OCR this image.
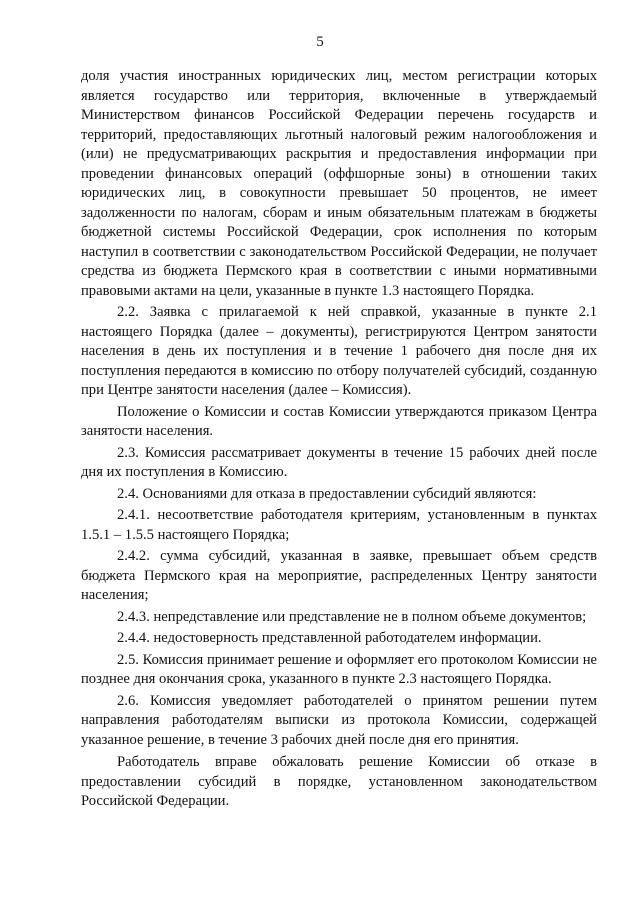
5

доля участия иностранных юридических лиц, местом регистрации которых является государство или территория, включенные в утверждаемый Министерством финансов Российской Федерации перечень государств и территорий, предоставляющих льготный налоговый режим налогообложения и (или) не предусматривающих раскрытия и предоставления информации при проведении финансовых операций (оффшорные зоны) в отношении таких юридических лиц, в совокупности превышает 50 процентов, не имеет задолженности по налогам, сборам и иным обязательным платежам в бюджеты бюджетной системы Российской Федерации, срок исполнения по которым наступил в соответствии с законодательством Российской Федерации, не получает средства из бюджета Пермского края в соответствии с иными нормативными правовыми актами на цели, указанные в пункте 1.3 настоящего Порядка.

2.2. Заявка с прилагаемой к ней справкой, указанные в пункте 2.1 настоящего Порядка (далее – документы), регистрируются Центром занятости населения в день их поступления и в течение 1 рабочего дня после дня их поступления передаются в комиссию по отбору получателей субсидий, созданную при Центре занятости населения (далее – Комиссия).

Положение о Комиссии и состав Комиссии утверждаются приказом Центра занятости населения.

2.3. Комиссия рассматривает документы в течение 15 рабочих дней после дня их поступления в Комиссию.

2.4. Основаниями для отказа в предоставлении субсидий являются:

2.4.1. несоответствие работодателя критериям, установленным в пунктах 1.5.1 – 1.5.5 настоящего Порядка;

2.4.2. сумма субсидий, указанная в заявке, превышает объем средств бюджета Пермского края на мероприятие, распределенных Центру занятости населения;

2.4.3. непредставление или представление не в полном объеме документов;

2.4.4. недостоверность представленной работодателем информации.

2.5. Комиссия принимает решение и оформляет его протоколом Комиссии не позднее дня окончания срока, указанного в пункте 2.3 настоящего Порядка.

2.6. Комиссия уведомляет работодателей о принятом решении путем направления работодателям выписки из протокола Комиссии, содержащей указанное решение, в течение 3 рабочих дней после дня его принятия.

Работодатель вправе обжаловать решение Комиссии об отказе в предоставлении субсидий в порядке, установленном законодательством Российской Федерации.
